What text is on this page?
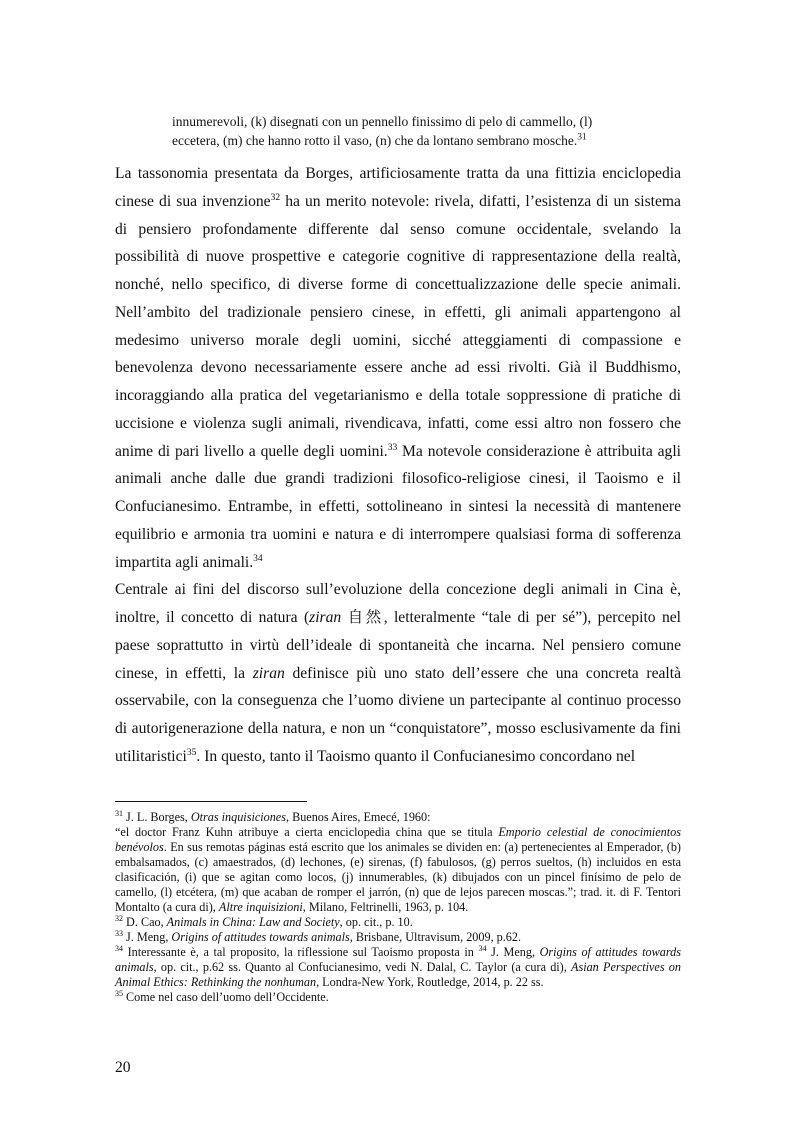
innumerevoli, (k) disegnati con un pennello finissimo di pelo di cammello, (l)
eccetera, (m) che hanno rotto il vaso, (n) che da lontano sembrano mosche.$^{31}$

La tassonomia presentata da Borges, artificiosamente tratta da una fittizia enciclopedia cinese di sua invenzione$^{32}$ ha un merito notevole: rivela, difatti, l’esistenza di un sistema di pensiero profondamente differente dal senso comune occidentale, svelando la possibilità di nuove prospettive e categorie cognitive di rappresentazione della realtà, nonché, nello specifico, di diverse forme di concettualizzazione delle specie animali. Nell’ambito del tradizionale pensiero cinese, in effetti, gli animali appartengono al medesimo universo morale degli uomini, sicché atteggiamenti di compassione e benevolenza devono necessariamente essere anche ad essi rivolti. Già il Buddhismo, incoraggiando alla pratica del vegetarianismo e della totale soppressione di pratiche di uccisione e violenza sugli animali, rivendicava, infatti, come essi altro non fossero che anime di pari livello a quelle degli uomini.$^{33}$ Ma notevole considerazione è attribuita agli animali anche dalle due grandi tradizioni filosofico-religiose cinesi, il Taoismo e il Confucianesimo. Entrambe, in effetti, sottolineano in sintesi la necessità di mantenere equilibrio e armonia tra uomini e natura e di interrompere qualsiasi forma di sofferenza impartita agli animali.$^{34}$

Centrale ai fini del discorso sull’evoluzione della concezione degli animali in Cina è, inoltre, il concetto di natura (ziran 自然, letteralmente “tale di per sé”), percepito nel paese soprattutto in virtù dell’ideale di spontaneità che incarna. Nel pensiero comune cinese, in effetti, la ziran definisce più uno stato dell’essere che una concreta realtà osservabile, con la conseguenza che l’uomo diviene un partecipante al continuo processo di autorigenerazione della natura, e non un “conquistatore”, mosso esclusivamente da fini utilitaristici$^{35}$. In questo, tanto il Taoismo quanto il Confucianesimo concordano nel

$^{31}$ J. L. Borges, Otras inquisiciones, Buenos Aires, Emecé, 1960:
“el doctor Franz Kuhn atribuye a cierta enciclopedia china que se titula Emporio celestial de conocimientos benévolos. En sus remotas páginas está escrito que los animales se dividen en: (a) pertenecientes al Emperador, (b) embalsamados, (c) amaestrados, (d) lechones, (e) sirenas, (f) fabulosos, (g) perros sueltos, (h) incluidos en esta clasificación, (i) que se agitan como locos, (j) innumerables, (k) dibujados con un pincel finísimo de pelo de camello, (l) etcétera, (m) que acaban de romper el jarrón, (n) que de lejos parecen moscas.”; trad. it. di F. Tentori Montalto (a cura di), Altre inquisizioni, Milano, Feltrinelli, 1963, p. 104.

$^{32}$ D. Cao, Animals in China: Law and Society, op. cit., p. 10.

$^{33}$ J. Meng, Origins of attitudes towards animals, Brisbane, Ultravisum, 2009, p.62.

$^{34}$ Interessante è, a tal proposito, la riflessione sul Taoismo proposta in $^{34}$ J. Meng, Origins of attitudes towards animals, op. cit., p.62 ss. Quanto al Confucianesimo, vedi N. Dalal, C. Taylor (a cura di), Asian Perspectives on Animal Ethics: Rethinking the nonhuman, Londra-New York, Routledge, 2014, p. 22 ss.

$^{35}$ Come nel caso dell’uomo dell’Occidente.

20
